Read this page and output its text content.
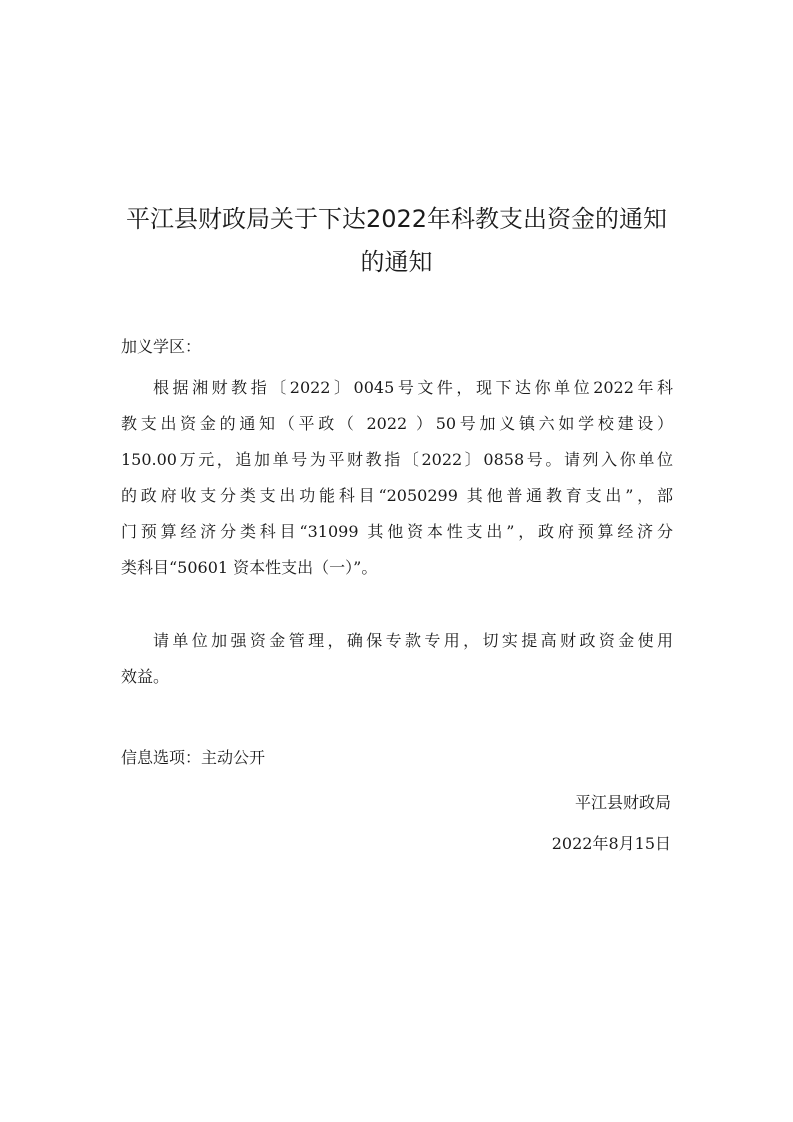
平江县财政局关于下达2022年科教支出资金的通知
的通知
加义学区：
根据湘财教指〔2022〕0045号文件，现下达你单位2022年科
教支出资金的通知（平政（ 2022 ）50号加义镇六如学校建设）
150.00万元，追加单号为平财教指〔2022〕0858号。请列入你单位
的政府收支分类支出功能科目“2050299 其他普通教育支出”，部
门预算经济分类科目“31099 其他资本性支出”，政府预算经济分
类科目“50601 资本性支出（一）”。
请单位加强资金管理，确保专款专用，切实提高财政资金使用
效益。
信息选项：主动公开
平江县财政局
2022年8月15日
